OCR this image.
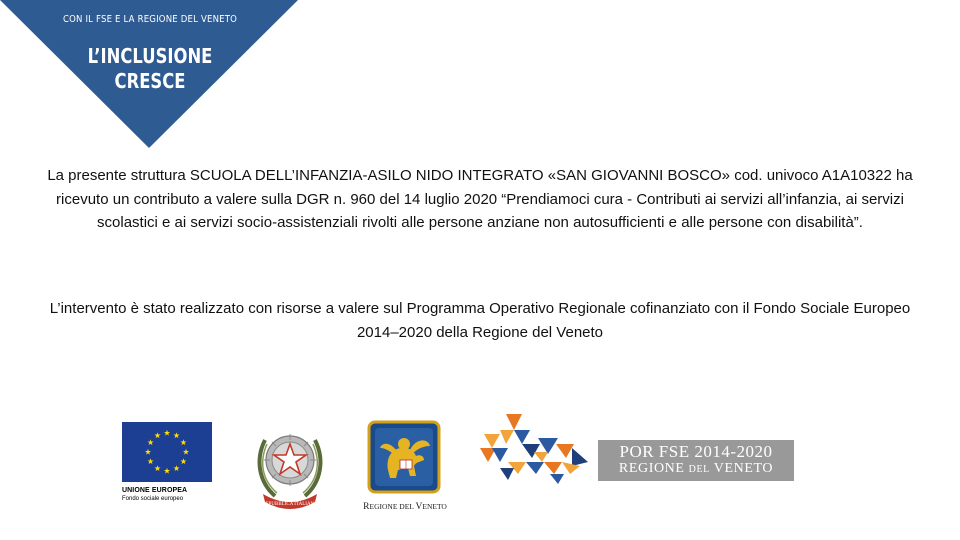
CON IL FSE E LA REGIONE DEL VENETO
L’INCLUSIONE
CRESCE

La presente struttura SCUOLA DELL’INFANZIA-ASILO NIDO INTEGRATO «SAN GIOVANNI BOSCO» cod. univoco A1A10322 ha ricevuto un contributo a valere sulla DGR n. 960 del 14 luglio 2020 “Prendiamoci cura - Contributi ai servizi all’infanzia, ai servizi scolastici e ai servizi socio-assistenziali rivolti alle persone anziane non autosufficienti e alle persone con disabilità”.

L’intervento è stato realizzato con risorse a valere sul Programma Operativo Regionale cofinanziato con il Fondo Sociale Europeo 2014–2020 della Regione del Veneto

UNIONE EUROPEA
Fondo sociale europeo
REPUBBLICA ITALIANA	REGIONE DEL VENETO
POR FSE 2014-2020
REGIONE DEL VENETO
